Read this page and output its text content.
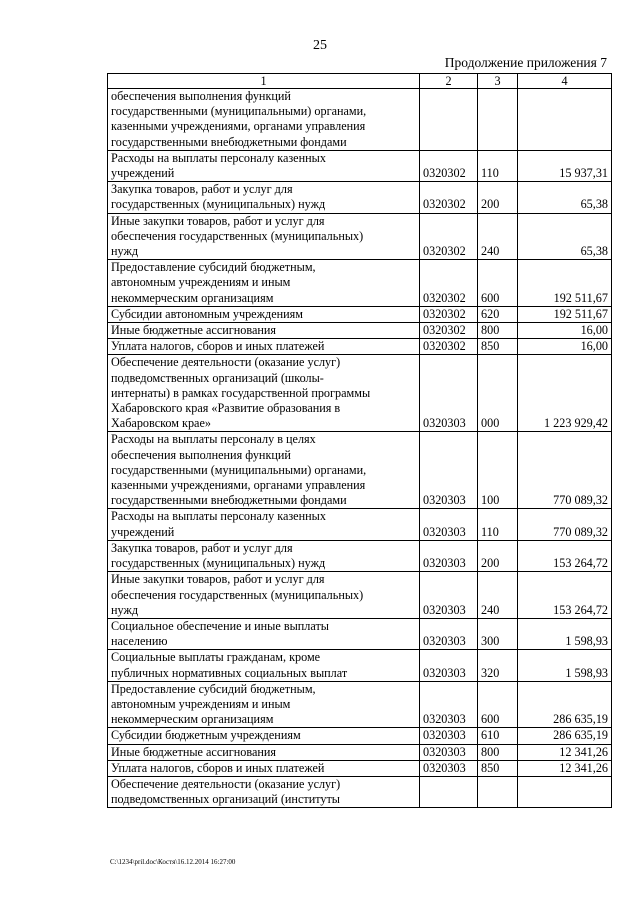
25
Продолжение приложения 7
1	2	3	4

обеспечения выполнения функций
государственными (муниципальными) органами,
казенными учреждениями, органами управления
государственными внебюджетными фондами			

Расходы на выплаты персоналу казенных
учреждений	0320302	110	15 937,31

Закупка товаров, работ и услуг для
государственных (муниципальных) нужд	0320302	200	65,38

Иные закупки товаров, работ и услуг для
обеспечения государственных (муниципальных)
нужд	0320302	240	65,38

Предоставление субсидий бюджетным,
автономным учреждениям и иным
некоммерческим организациям	0320302	600	192 511,67

Субсидии автономным учреждениям	0320302	620	192 511,67

Иные бюджетные ассигнования	0320302	800	16,00

Уплата налогов, сборов и иных платежей	0320302	850	16,00

Обеспечение деятельности (оказание услуг)
подведомственных организаций (школы-
интернаты) в рамках государственной программы
Хабаровского края «Развитие образования в
Хабаровском крае»	0320303	000	1 223 929,42

Расходы на выплаты персоналу в целях
обеспечения выполнения функций
государственными (муниципальными) органами,
казенными учреждениями, органами управления
государственными внебюджетными фондами	0320303	100	770 089,32

Расходы на выплаты персоналу казенных
учреждений	0320303	110	770 089,32

Закупка товаров, работ и услуг для
государственных (муниципальных) нужд	0320303	200	153 264,72

Иные закупки товаров, работ и услуг для
обеспечения государственных (муниципальных)
нужд	0320303	240	153 264,72

Социальное обеспечение и иные выплаты
населению	0320303	300	1 598,93

Социальные выплаты гражданам, кроме
публичных нормативных социальных выплат	0320303	320	1 598,93

Предоставление субсидий бюджетным,
автономным учреждениям и иным
некоммерческим организациям	0320303	600	286 635,19

Субсидии бюджетным учреждениям	0320303	610	286 635,19

Иные бюджетные ассигнования	0320303	800	12 341,26

Уплата налогов, сборов и иных платежей	0320303	850	12 341,26

Обеспечение деятельности (оказание услуг)
подведомственных организаций (институты			

C:\1234\pril.doc\Костя\16.12.2014 16:27:00
